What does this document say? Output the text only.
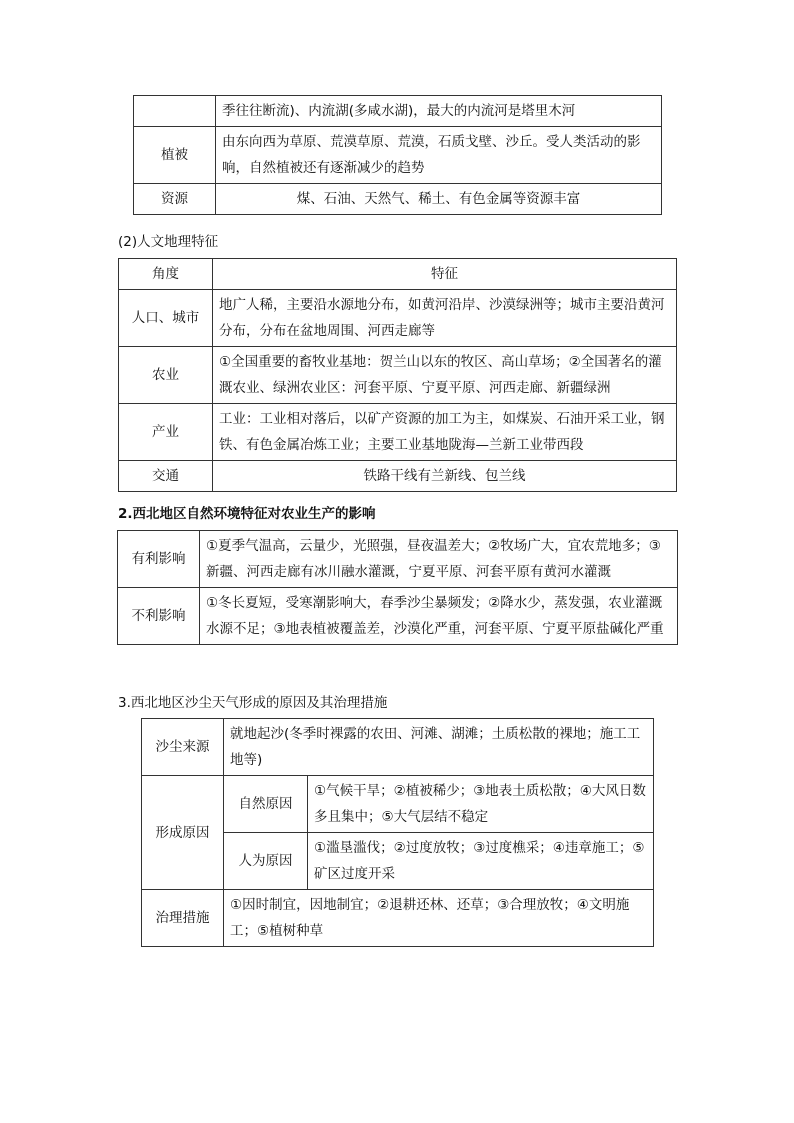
	季往往断流)、内流湖(多咸水湖)，最大的内流河是塔里木河
植被	由东向西为草原、荒漠草原、荒漠，石质戈壁、沙丘。受人类活动的影响，自然植被还有逐渐减少的趋势
资源	煤、石油、天然气、稀土、有色金属等资源丰富
(2)人文地理特征
角度	特征
人口、城市	地广人稀，主要沿水源地分布，如黄河沿岸、沙漠绿洲等；城市主要沿黄河分布，分布在盆地周围、河西走廊等
农业	①全国重要的畜牧业基地：贺兰山以东的牧区、高山草场；②全国著名的灌溉农业、绿洲农业区：河套平原、宁夏平原、河西走廊、新疆绿洲
产业	工业：工业相对落后，以矿产资源的加工为主，如煤炭、石油开采工业，钢铁、有色金属冶炼工业；主要工业基地陇海—兰新工业带西段
交通	铁路干线有兰新线、包兰线
2.西北地区自然环境特征对农业生产的影响
有利影响	①夏季气温高，云量少，光照强，昼夜温差大；②牧场广大，宜农荒地多；③新疆、河西走廊有冰川融水灌溉，宁夏平原、河套平原有黄河水灌溉
不利影响	①冬长夏短，受寒潮影响大，春季沙尘暴频发；②降水少，蒸发强，农业灌溉水源不足；③地表植被覆盖差，沙漠化严重，河套平原、宁夏平原盐碱化严重
3.西北地区沙尘天气形成的原因及其治理措施
沙尘来源	就地起沙(冬季时裸露的农田、河滩、湖滩；土质松散的裸地；施工工地等)	
形成原因	自然原因	①气候干旱；②植被稀少；③地表土质松散；④大风日数多且集中；⑤大气层结不稳定
	人为原因	①滥垦滥伐；②过度放牧；③过度樵采；④违章施工；⑤矿区过度开采
治理措施	①因时制宜，因地制宜；②退耕还林、还草；③合理放牧；④文明施工；⑤植树种草	
